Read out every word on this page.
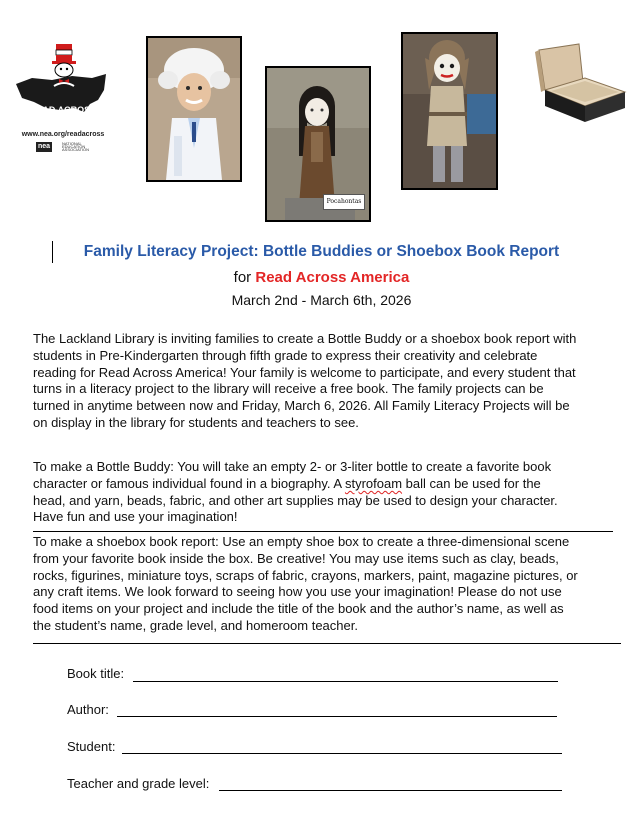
READ ACROSS AMERICA
AN NEA PROJECT
www.nea.org/readacross
nea	NATIONAL EDUCATION ASSOCIATION
Pocahontas
Family Literacy Project: Bottle Buddies or Shoebox Book Report
for Read Across America
March 2nd - March 6th, 2026
The Lackland Library is inviting families to create a Bottle Buddy or a shoebox book report with
students in Pre-Kindergarten through fifth grade to express their creativity and celebrate
reading for Read Across America! Your family is welcome to participate, and every student that
turns in a literacy project to the library will receive a free book. The family projects can be
turned in anytime between now and Friday, March 6, 2026. All Family Literacy Projects will be
on display in the library for students and teachers to see.
To make a Bottle Buddy: You will take an empty 2- or 3-liter bottle to create a favorite book
character or famous individual found in a biography. A styrofoam ball can be used for the
head, and yarn, beads, fabric, and other art supplies may be used to design your character.
Have fun and use your imagination!
To make a shoebox book report: Use an empty shoe box to create a three-dimensional scene
from your favorite book inside the box. Be creative! You may use items such as clay, beads,
rocks, figurines, miniature toys, scraps of fabric, crayons, markers, paint, magazine pictures, or
any craft items. We look forward to seeing how you use your imagination! Please do not use
food items on your project and include the title of the book and the author’s name, as well as
the student’s name, grade level, and homeroom teacher.
Book title:
Author:
Student:
Teacher and grade level:
